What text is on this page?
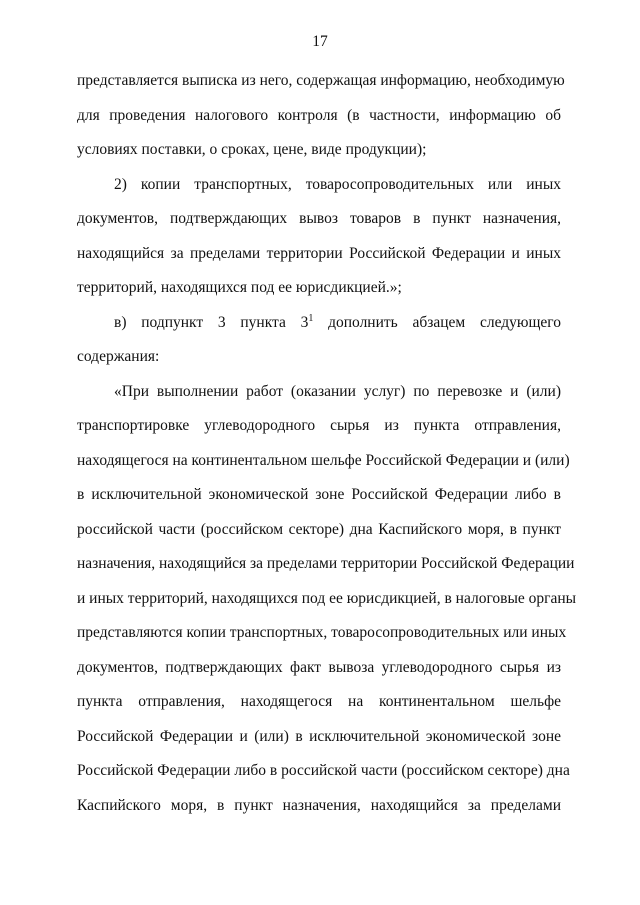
17
представляется выписка из него, содержащая информацию, необходимую
для проведения налогового контроля (в частности, информацию об
условиях поставки, о сроках, цене, виде продукции);
2) копии транспортных, товаросопроводительных или иных
документов, подтверждающих вывоз товаров в пункт назначения,
находящийся за пределами территории Российской Федерации и иных
территорий, находящихся под ее юрисдикцией.»;
в) подпункт 3 пункта $3^1$ дополнить абзацем следующего
содержания:
«При выполнении работ (оказании услуг) по перевозке и (или)
транспортировке углеводородного сырья из пункта отправления,
находящегося на континентальном шельфе Российской Федерации и (или)
в исключительной экономической зоне Российской Федерации либо в
российской части (российском секторе) дна Каспийского моря, в пункт
назначения, находящийся за пределами территории Российской Федерации
и иных территорий, находящихся под ее юрисдикцией, в налоговые органы
представляются копии транспортных, товаросопроводительных или иных
документов, подтверждающих факт вывоза углеводородного сырья из
пункта отправления, находящегося на континентальном шельфе
Российской Федерации и (или) в исключительной экономической зоне
Российской Федерации либо в российской части (российском секторе) дна
Каспийского моря, в пункт назначения, находящийся за пределами
